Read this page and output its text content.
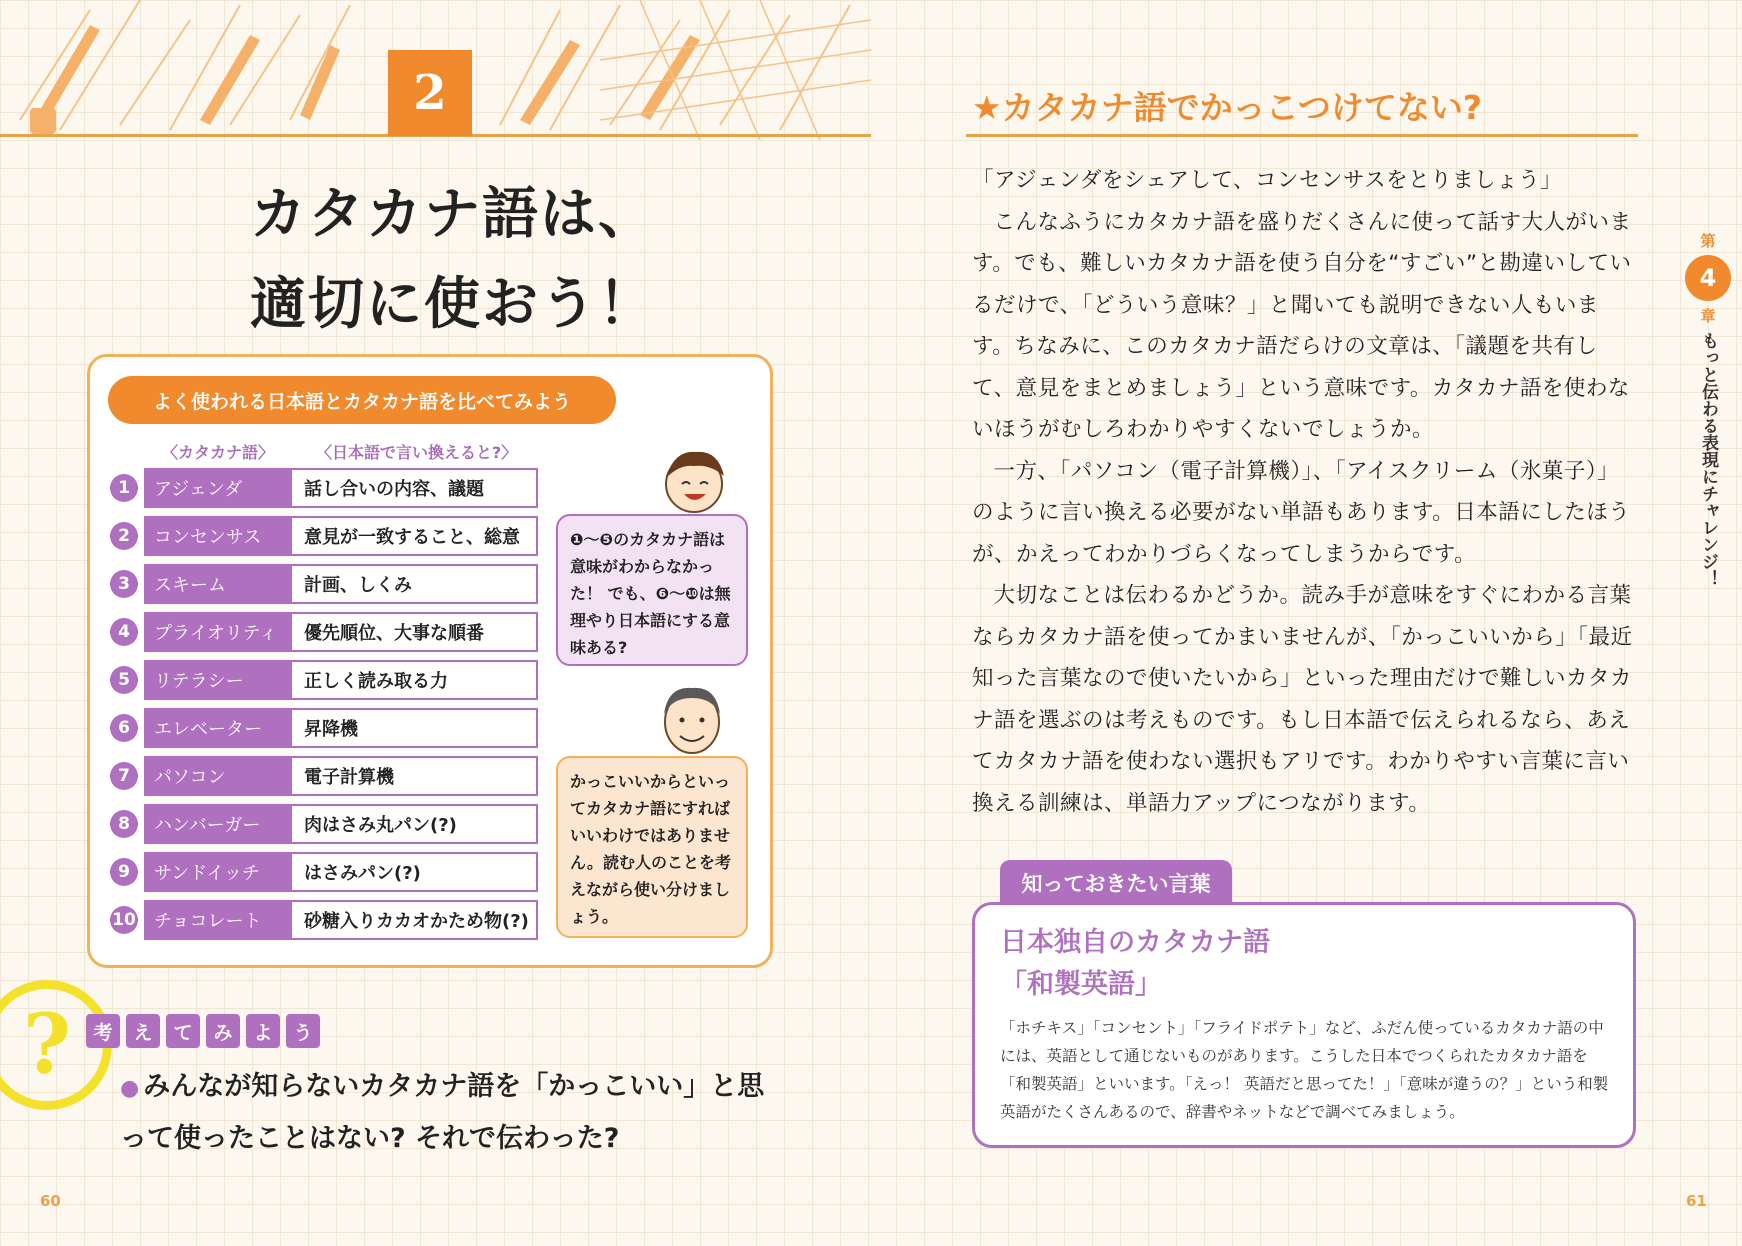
2
カタカナ語は、
適切に使おう！
よく使われる日本語とカタカナ語を比べてみよう
〈カタカナ語〉	〈日本語で言い換えると?〉
1	アジェンダ	話し合いの内容、議題
2	コンセンサス	意見が一致すること、総意
3	スキーム	計画、しくみ
4	プライオリティ	優先順位、大事な順番
5	リテラシー	正しく読み取る力
6	エレベーター	昇降機
7	パソコン	電子計算機
8	ハンバーガー	肉はさみ丸パン(?)
9	サンドイッチ	はさみパン(?)
10	チョコレート	砂糖入りカカオかため物(?)
❶〜❺のカタカナ語は意味がわからなかった！ でも、❻〜❿は無理やり日本語にする意味ある?
かっこいいからといってカタカナ語にすればいいわけではありません。読む人のことを考えながら使い分けましょう。
?	考	え	て	み	よ	う
● みんなが知らないカタカナ語を「かっこいい」と思って使ったことはない? それで伝わった?
60
★カタカナ語でかっこつけてない?

「アジェンダをシェアして、コンセンサスをとりましょう」

こんなふうにカタカナ語を盛りだくさんに使って話す大人がいます。でも、難しいカタカナ語を使う自分を“すごい”と勘違いしているだけで、「どういう意味？」と聞いても説明できない人もいます。ちなみに、このカタカナ語だらけの文章は、「議題を共有して、意見をまとめましょう」という意味です。カタカナ語を使わないほうがむしろわかりやすくないでしょうか。

一方、「パソコン（電子計算機）」、「アイスクリーム（氷菓子）」のように言い換える必要がない単語もあります。日本語にしたほうが、かえってわかりづらくなってしまうからです。

大切なことは伝わるかどうか。読み手が意味をすぐにわかる言葉ならカタカナ語を使ってかまいませんが、「かっこいいから」「最近知った言葉なので使いたいから」といった理由だけで難しいカタカナ語を選ぶのは考えものです。もし日本語で伝えられるなら、あえてカタカナ語を使わない選択もアリです。わかりやすい言葉に言い換える訓練は、単語力アップにつながります。

知っておきたい言葉
日本独自のカタカナ語
「和製英語」
「ホチキス」「コンセント」「フライドポテト」など、ふだん使っているカタカナ語の中には、英語として通じないものがあります。こうした日本でつくられたカタカナ語を「和製英語」といいます。「えっ！ 英語だと思ってた！」「意味が違うの？」という和製英語がたくさんあるので、辞書やネットなどで調べてみましょう。
第
4
章
もっと伝わる表現にチャレンジ！
61
